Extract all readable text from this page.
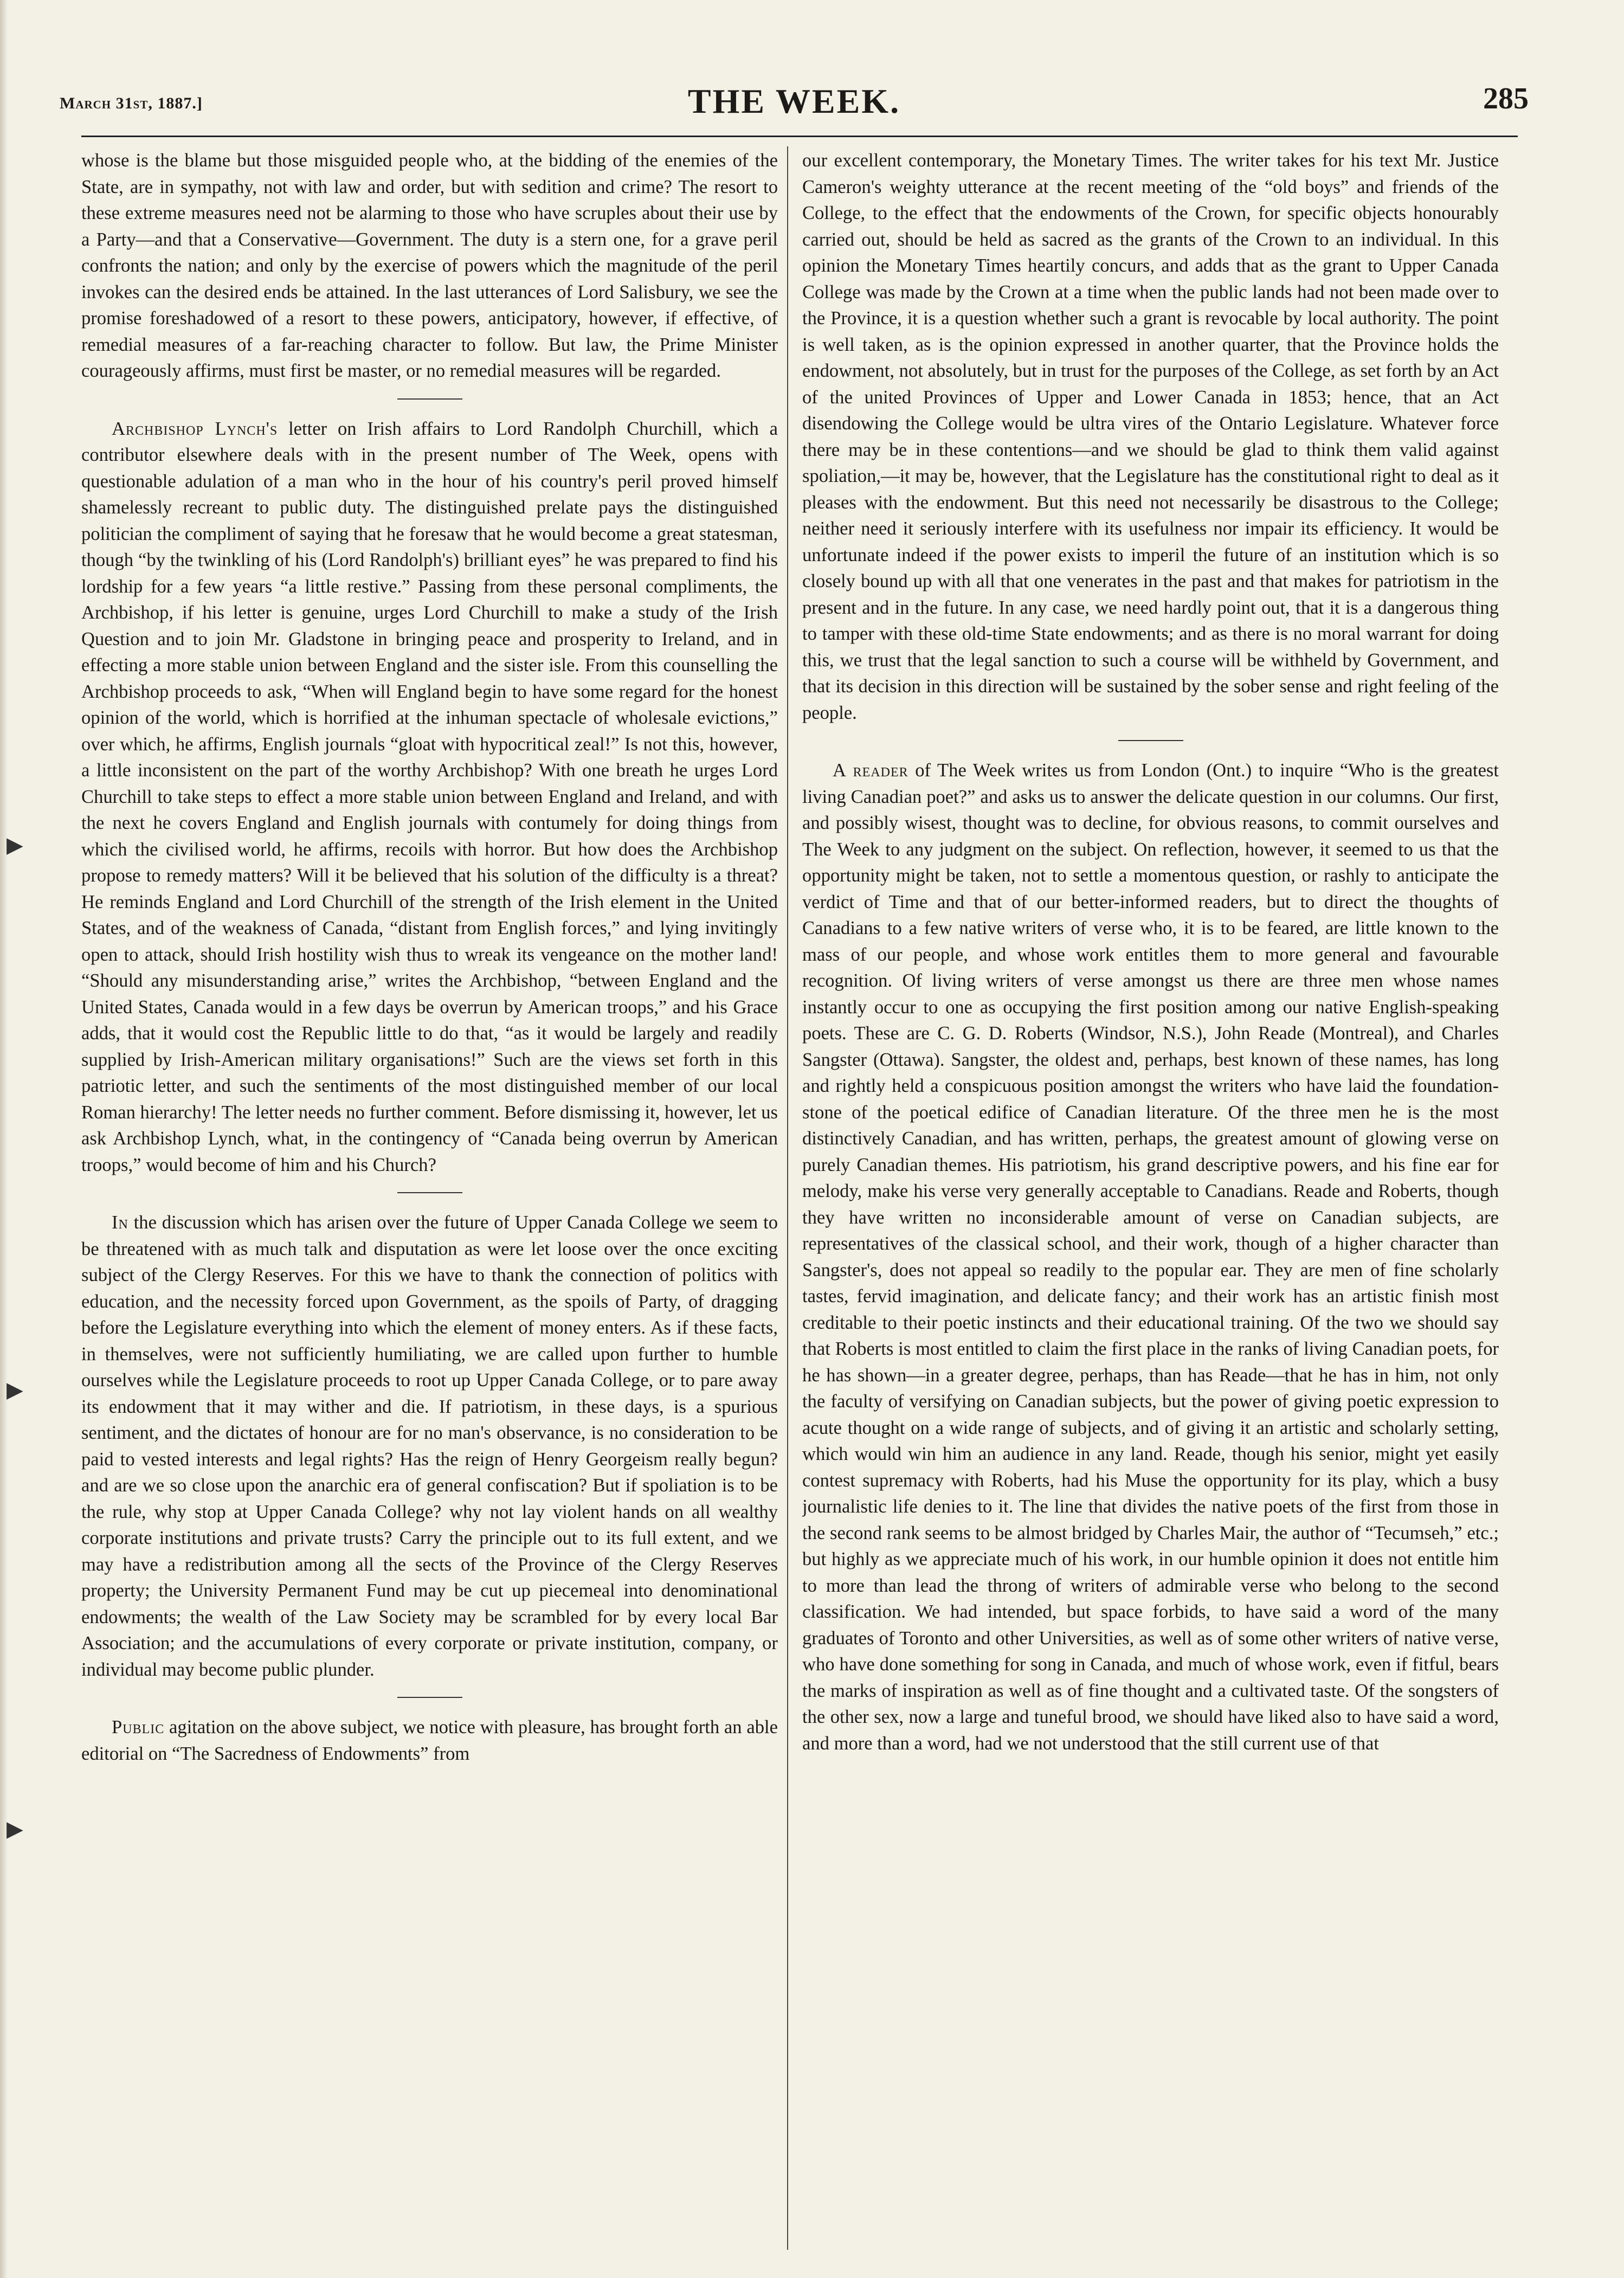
March 31st, 1887.]	THE WEEK.	285

whose is the blame but those misguided people who, at the bidding of the enemies of the State, are in sympathy, not with law and order, but with sedition and crime? The resort to these extreme measures need not be alarming to those who have scruples about their use by a Party—and that a Conservative—Government. The duty is a stern one, for a grave peril confronts the nation; and only by the exercise of powers which the magnitude of the peril invokes can the desired ends be attained. In the last utterances of Lord Salisbury, we see the promise foreshadowed of a resort to these powers, anticipatory, however, if effective, of remedial measures of a far-reaching character to follow. But law, the Prime Minister courageously affirms, must first be master, or no remedial measures will be regarded.

Archbishop Lynch's letter on Irish affairs to Lord Randolph Churchill, which a contributor elsewhere deals with in the present number of The Week, opens with questionable adulation of a man who in the hour of his country's peril proved himself shamelessly recreant to public duty. The distinguished prelate pays the distinguished politician the compliment of saying that he foresaw that he would become a great statesman, though “by the twinkling of his (Lord Randolph's) brilliant eyes” he was prepared to find his lordship for a few years “a little restive.” Passing from these personal compliments, the Archbishop, if his letter is genuine, urges Lord Churchill to make a study of the Irish Question and to join Mr. Gladstone in bringing peace and prosperity to Ireland, and in effecting a more stable union between England and the sister isle. From this counselling the Archbishop proceeds to ask, “When will England begin to have some regard for the honest opinion of the world, which is horrified at the inhuman spectacle of wholesale evictions,” over which, he affirms, English journals “gloat with hypocritical zeal!” Is not this, however, a little inconsistent on the part of the worthy Archbishop? With one breath he urges Lord Churchill to take steps to effect a more stable union between England and Ireland, and with the next he covers England and English journals with contumely for doing things from which the civilised world, he affirms, recoils with horror. But how does the Archbishop propose to remedy matters? Will it be believed that his solution of the difficulty is a threat? He reminds England and Lord Churchill of the strength of the Irish element in the United States, and of the weakness of Canada, “distant from English forces,” and lying invitingly open to attack, should Irish hostility wish thus to wreak its vengeance on the mother land! “Should any misunderstanding arise,” writes the Archbishop, “between England and the United States, Canada would in a few days be overrun by American troops,” and his Grace adds, that it would cost the Republic little to do that, “as it would be largely and readily supplied by Irish-American military organisations!” Such are the views set forth in this patriotic letter, and such the sentiments of the most distinguished member of our local Roman hierarchy! The letter needs no further comment. Before dismissing it, however, let us ask Archbishop Lynch, what, in the contingency of “Canada being overrun by American troops,” would become of him and his Church?

In the discussion which has arisen over the future of Upper Canada College we seem to be threatened with as much talk and disputation as were let loose over the once exciting subject of the Clergy Reserves. For this we have to thank the connection of politics with education, and the necessity forced upon Government, as the spoils of Party, of dragging before the Legislature everything into which the element of money enters. As if these facts, in themselves, were not sufficiently humiliating, we are called upon further to humble ourselves while the Legislature proceeds to root up Upper Canada College, or to pare away its endowment that it may wither and die. If patriotism, in these days, is a spurious sentiment, and the dictates of honour are for no man's observance, is no consideration to be paid to vested interests and legal rights? Has the reign of Henry Georgeism really begun? and are we so close upon the anarchic era of general confiscation? But if spoliation is to be the rule, why stop at Upper Canada College? why not lay violent hands on all wealthy corporate institutions and private trusts? Carry the principle out to its full extent, and we may have a redistribution among all the sects of the Province of the Clergy Reserves property; the University Permanent Fund may be cut up piecemeal into denominational endowments; the wealth of the Law Society may be scrambled for by every local Bar Association; and the accumulations of every corporate or private institution, company, or individual may become public plunder.

Public agitation on the above subject, we notice with pleasure, has brought forth an able editorial on “The Sacredness of Endowments” from

our excellent contemporary, the Monetary Times. The writer takes for his text Mr. Justice Cameron's weighty utterance at the recent meeting of the “old boys” and friends of the College, to the effect that the endowments of the Crown, for specific objects honourably carried out, should be held as sacred as the grants of the Crown to an individual. In this opinion the Monetary Times heartily concurs, and adds that as the grant to Upper Canada College was made by the Crown at a time when the public lands had not been made over to the Province, it is a question whether such a grant is revocable by local authority. The point is well taken, as is the opinion expressed in another quarter, that the Province holds the endowment, not absolutely, but in trust for the purposes of the College, as set forth by an Act of the united Provinces of Upper and Lower Canada in 1853; hence, that an Act disendowing the College would be ultra vires of the Ontario Legislature. Whatever force there may be in these contentions—and we should be glad to think them valid against spoliation,—it may be, however, that the Legislature has the constitutional right to deal as it pleases with the endowment. But this need not necessarily be disastrous to the College; neither need it seriously interfere with its usefulness nor impair its efficiency. It would be unfortunate indeed if the power exists to imperil the future of an institution which is so closely bound up with all that one venerates in the past and that makes for patriotism in the present and in the future. In any case, we need hardly point out, that it is a dangerous thing to tamper with these old-time State endowments; and as there is no moral warrant for doing this, we trust that the legal sanction to such a course will be withheld by Government, and that its decision in this direction will be sustained by the sober sense and right feeling of the people.

A reader of The Week writes us from London (Ont.) to inquire “Who is the greatest living Canadian poet?” and asks us to answer the delicate question in our columns. Our first, and possibly wisest, thought was to decline, for obvious reasons, to commit ourselves and The Week to any judgment on the subject. On reflection, however, it seemed to us that the opportunity might be taken, not to settle a momentous question, or rashly to anticipate the verdict of Time and that of our better-informed readers, but to direct the thoughts of Canadians to a few native writers of verse who, it is to be feared, are little known to the mass of our people, and whose work entitles them to more general and favourable recognition. Of living writers of verse amongst us there are three men whose names instantly occur to one as occupying the first position among our native English-speaking poets. These are C. G. D. Roberts (Windsor, N.S.), John Reade (Montreal), and Charles Sangster (Ottawa). Sangster, the oldest and, perhaps, best known of these names, has long and rightly held a conspicuous position amongst the writers who have laid the foundation-stone of the poetical edifice of Canadian literature. Of the three men he is the most distinctively Canadian, and has written, perhaps, the greatest amount of glowing verse on purely Canadian themes. His patriotism, his grand descriptive powers, and his fine ear for melody, make his verse very generally acceptable to Canadians. Reade and Roberts, though they have written no inconsiderable amount of verse on Canadian subjects, are representatives of the classical school, and their work, though of a higher character than Sangster's, does not appeal so readily to the popular ear. They are men of fine scholarly tastes, fervid imagination, and delicate fancy; and their work has an artistic finish most creditable to their poetic instincts and their educational training. Of the two we should say that Roberts is most entitled to claim the first place in the ranks of living Canadian poets, for he has shown—in a greater degree, perhaps, than has Reade—that he has in him, not only the faculty of versifying on Canadian subjects, but the power of giving poetic expression to acute thought on a wide range of subjects, and of giving it an artistic and scholarly setting, which would win him an audience in any land. Reade, though his senior, might yet easily contest supremacy with Roberts, had his Muse the opportunity for its play, which a busy journalistic life denies to it. The line that divides the native poets of the first from those in the second rank seems to be almost bridged by Charles Mair, the author of “Tecumseh,” etc.; but highly as we appreciate much of his work, in our humble opinion it does not entitle him to more than lead the throng of writers of admirable verse who belong to the second classification. We had intended, but space forbids, to have said a word of the many graduates of Toronto and other Universities, as well as of some other writers of native verse, who have done something for song in Canada, and much of whose work, even if fitful, bears the marks of inspiration as well as of fine thought and a cultivated taste. Of the songsters of the other sex, now a large and tuneful brood, we should have liked also to have said a word, and more than a word, had we not understood that the still current use of that

▶
▶
▶
